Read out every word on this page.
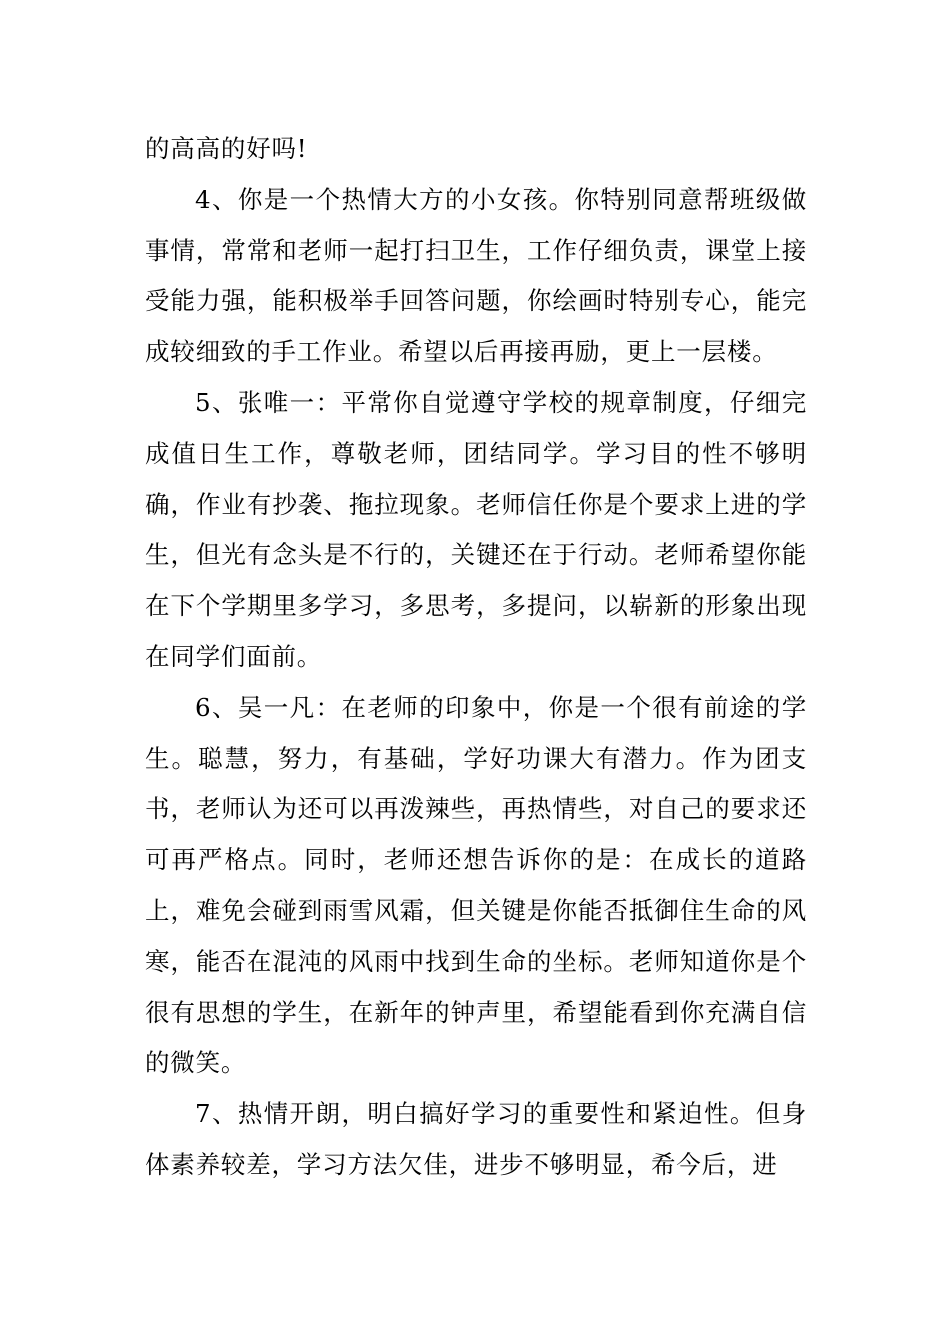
的高高的好吗!

4、你是一个热情大方的小女孩。你特别同意帮班级做事情，常常和老师一起打扫卫生，工作仔细负责，课堂上接受能力强，能积极举手回答问题，你绘画时特别专心，能完成较细致的手工作业。希望以后再接再励，更上一层楼。

5、张唯一：平常你自觉遵守学校的规章制度，仔细完成值日生工作，尊敬老师，团结同学。学习目的性不够明确，作业有抄袭、拖拉现象。老师信任你是个要求上进的学生，但光有念头是不行的，关键还在于行动。老师希望你能在下个学期里多学习，多思考，多提问，以崭新的形象出现在同学们面前。

6、吴一凡：在老师的印象中，你是一个很有前途的学生。聪慧，努力，有基础，学好功课大有潜力。作为团支书，老师认为还可以再泼辣些，再热情些，对自己的要求还可再严格点。同时，老师还想告诉你的是：在成长的道路上，难免会碰到雨雪风霜，但关键是你能否抵御住生命的风寒，能否在混沌的风雨中找到生命的坐标。老师知道你是个很有思想的学生，在新年的钟声里，希望能看到你充满自信的微笑。

7、热情开朗，明白搞好学习的重要性和紧迫性。但身体素养较差，学习方法欠佳，进步不够明显，希今后，进
